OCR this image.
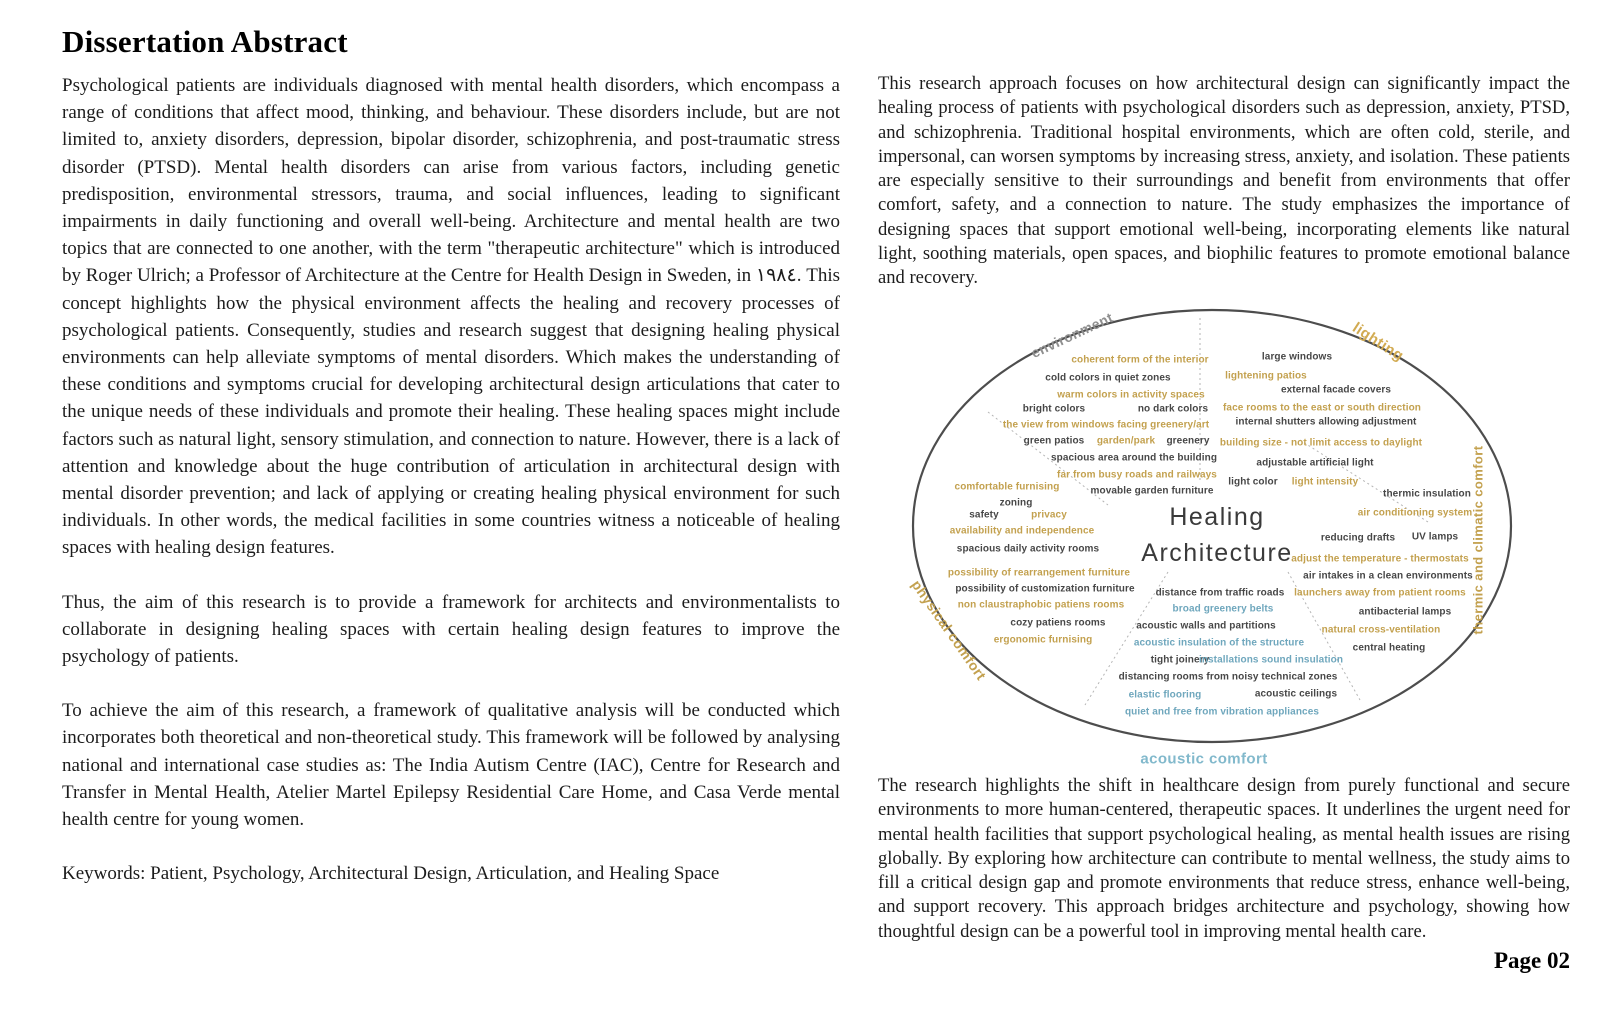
Dissertation Abstract

Psychological patients are individuals diagnosed with mental health disorders, which encompass a range of conditions that affect mood, thinking, and behaviour. These disorders include, but are not limited to, anxiety disorders, depression, bipolar disorder, schizophrenia, and post-traumatic stress disorder (PTSD). Mental health disorders can arise from various factors, including genetic predisposition, environmental stressors, trauma, and social influences, leading to significant impairments in daily functioning and overall well-being. Architecture and mental health are two topics that are connected to one another, with the term "therapeutic architecture" which is introduced by Roger Ulrich; a Professor of Architecture at the Centre for Health Design in Sweden, in ١٩٨٤. This concept highlights how the physical environment affects the healing and recovery processes of psychological patients. Consequently, studies and research suggest that designing healing physical environments can help alleviate symptoms of mental disorders. Which makes the understanding of these conditions and symptoms crucial for developing architectural design articulations that cater to the unique needs of these individuals and promote their healing. These healing spaces might include factors such as natural light, sensory stimulation, and connection to nature. However, there is a lack of attention and knowledge about the huge contribution of articulation in architectural design with mental disorder prevention; and lack of applying or creating healing physical environment for such individuals. In other words, the medical facilities in some countries witness a noticeable of healing spaces with healing design features.

Thus, the aim of this research is to provide a framework for architects and environmentalists to collaborate in designing healing spaces with certain healing design features to improve the psychology of patients.

To achieve the aim of this research, a framework of qualitative analysis will be conducted which incorporates both theoretical and non-theoretical study. This framework will be followed by analysing national and international case studies as: The India Autism Centre (IAC), Centre for Research and Transfer in Mental Health, Atelier Martel Epilepsy Residential Care Home, and Casa Verde mental health centre for young women.

Keywords: Patient, Psychology, Architectural Design, Articulation, and Healing Space

This research approach focuses on how architectural design can significantly impact the healing process of patients with psychological disorders such as depression, anxiety, PTSD, and schizophrenia. Traditional hospital environments, which are often cold, sterile, and impersonal, can worsen symptoms by increasing stress, anxiety, and isolation. These patients are especially sensitive to their surroundings and benefit from environments that offer comfort, safety, and a connection to nature. The study emphasizes the importance of designing spaces that support emotional well-being, incorporating elements like natural light, soothing materials, open spaces, and biophilic features to promote emotional balance and recovery.

Healing
Architecture
environment
coherent form of the interior
cold colors in quiet zones
warm colors in activity spaces
bright colors	no dark colors
the view from windows facing greenery/art
green patios garden/park greenery
spacious area around the building
far from busy roads and railways
movable garden furniture
lighting
large windows
lightening patios
external facade covers
face rooms to the east or south direction
internal shutters allowing adjustment
building size - not limit access to daylight
adjustable artificial light
light color light intensity
physical comfort
comfortable furnising
zoning
safety	privacy
availability and independence
spacious daily activity rooms
possibility of rearrangement furniture
possibility of customization furniture
non claustraphobic patiens rooms
cozy patiens rooms
ergonomic furnising
thermic and climatic comfort
thermic insulation
air conditioning system
reducing drafts UV lamps
adjust the temperature - thermostats
air intakes in a clean environments
launchers away from patient rooms
antibacterial lamps
natural cross-ventilation
central heating
acoustic comfort
distance from traffic roads
broad greenery belts
acoustic walls and partitions
acoustic insulation of the structure
tight joinery
installations sound insulation
distancing rooms from noisy technical zones
elastic flooring	acoustic ceilings
quiet and free from vibration appliances

The research highlights the shift in healthcare design from purely functional and secure environments to more human-centered, therapeutic spaces. It underlines the urgent need for mental health facilities that support psychological healing, as mental health issues are rising globally. By exploring how architecture can contribute to mental wellness, the study aims to fill a critical design gap and promote environments that reduce stress, enhance well-being, and support recovery. This approach bridges architecture and psychology, showing how thoughtful design can be a powerful tool in improving mental health care.

Page 02
